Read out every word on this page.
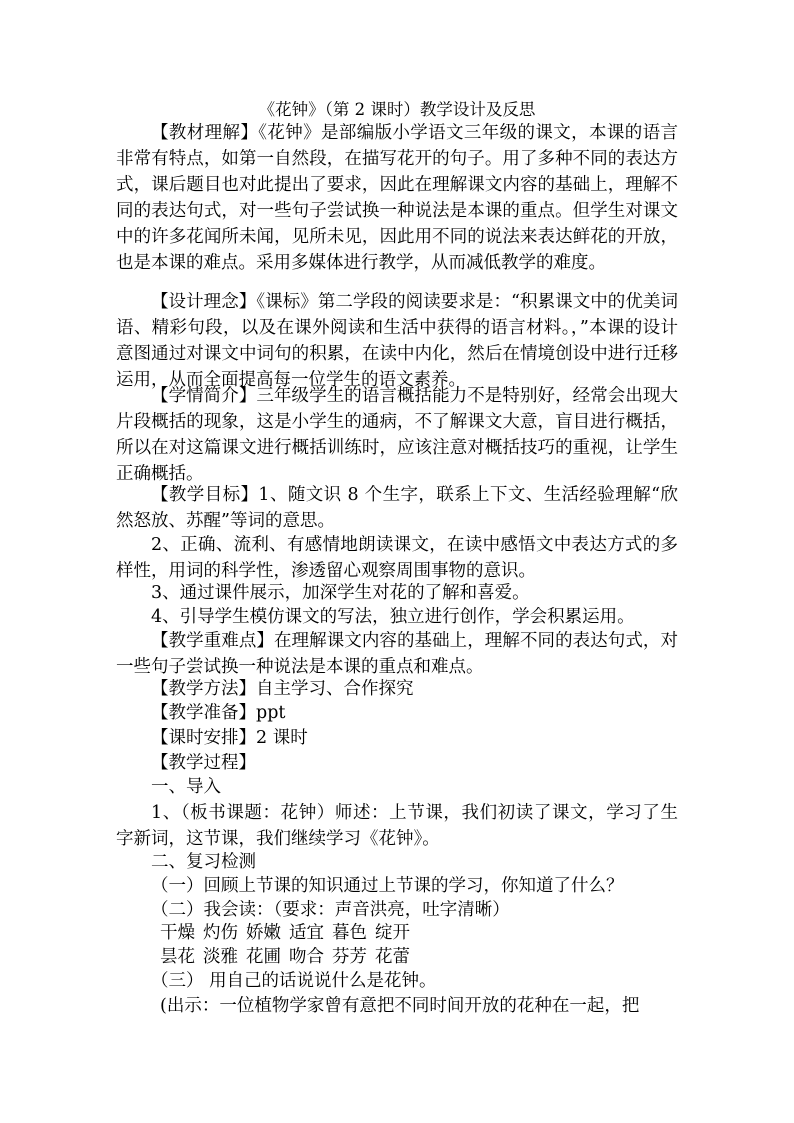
《花钟》（第 2 课时）教学设计及反思

【教材理解】《花钟》是部编版小学语文三年级的课文，本课的语言非常有特点，如第一自然段，在描写花开的句子。用了多种不同的表达方式，课后题目也对此提出了要求，因此在理解课文内容的基础上，理解不同的表达句式，对一些句子尝试换一种说法是本课的重点。但学生对课文中的许多花闻所未闻，见所未见，因此用不同的说法来表达鲜花的开放，也是本课的难点。采用多媒体进行教学，从而减低教学的难度。

【设计理念】《课标》第二学段的阅读要求是：“积累课文中的优美词语、精彩句段，以及在课外阅读和生活中获得的语言材料。，”本课的设计意图通过对课文中词句的积累，在读中内化，然后在情境创设中进行迁移运用，从而全面提高每一位学生的语文素养。

【学情简介】三年级学生的语言概括能力不是特别好，经常会出现大片段概括的现象，这是小学生的通病，不了解课文大意，盲目进行概括，所以在对这篇课文进行概括训练时，应该注意对概括技巧的重视，让学生正确概括。

【教学目标】1、随文识 8 个生字，联系上下文、生活经验理解“欣然怒放、苏醒”等词的意思。

2、正确、流利、有感情地朗读课文，在读中感悟文中表达方式的多样性，用词的科学性，渗透留心观察周围事物的意识。

3、通过课件展示，加深学生对花的了解和喜爱。

4、引导学生模仿课文的写法，独立进行创作，学会积累运用。

【教学重难点】在理解课文内容的基础上，理解不同的表达句式，对一些句子尝试换一种说法是本课的重点和难点。

【教学方法】自主学习、合作探究

【教学准备】ppt

【课时安排】2 课时

【教学过程】

一、导入

1、（板书课题：花钟）师述：上节课，我们初读了课文，学习了生字新词，这节课，我们继续学习《花钟》。

二、复习检测

（一）回顾上节课的知识通过上节课的学习，你知道了什么？

（二）我会读：（要求：声音洪亮，吐字清晰）

干燥 灼伤 娇嫩 适宜 暮色 绽开

昙花 淡雅 花圃 吻合 芬芳 花蕾

（三） 用自己的话说说什么是花钟。

(出示：一位植物学家曾有意把不同时间开放的花种在一起，把
